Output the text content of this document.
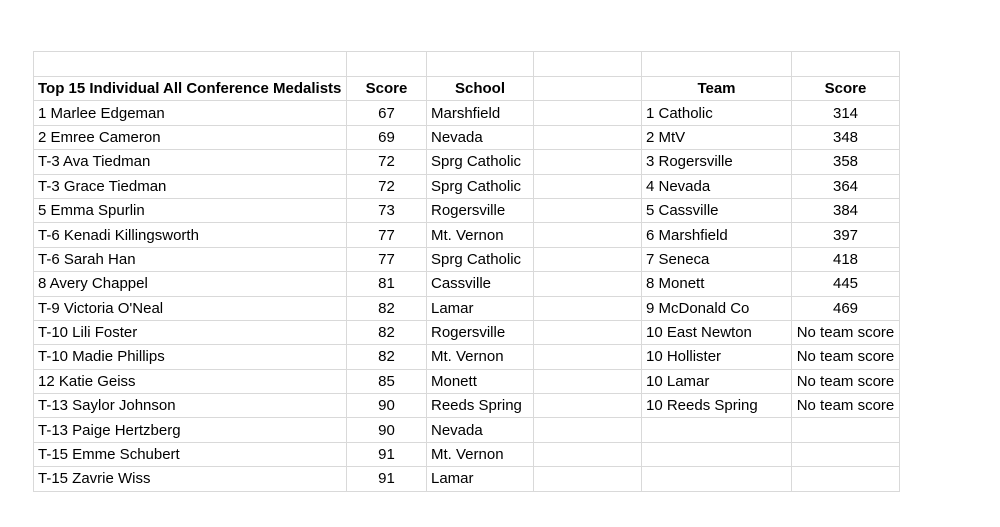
Top 15 Individual All Conference Medalists	Score	School		Team	Score
1 Marlee Edgeman	67	Marshfield		1 Catholic	314
2 Emree Cameron	69	Nevada		2 MtV	348
T-3 Ava Tiedman	72	Sprg Catholic		3 Rogersville	358
T-3 Grace Tiedman	72	Sprg Catholic		4 Nevada	364
5 Emma Spurlin	73	Rogersville		5 Cassville	384
T-6 Kenadi Killingsworth	77	Mt. Vernon		6 Marshfield	397
T-6 Sarah Han	77	Sprg Catholic		7 Seneca	418
8 Avery Chappel	81	Cassville		8 Monett	445
T-9 Victoria O'Neal	82	Lamar		9 McDonald Co	469
T-10 Lili Foster	82	Rogersville		10 East Newton	No team score
T-10 Madie Phillips	82	Mt. Vernon		10 Hollister	No team score
12 Katie Geiss	85	Monett		10 Lamar	No team score
T-13 Saylor Johnson	90	Reeds Spring		10 Reeds Spring	No team score
T-13 Paige Hertzberg	90	Nevada			
T-15 Emme Schubert	91	Mt. Vernon			
T-15 Zavrie Wiss	91	Lamar			
